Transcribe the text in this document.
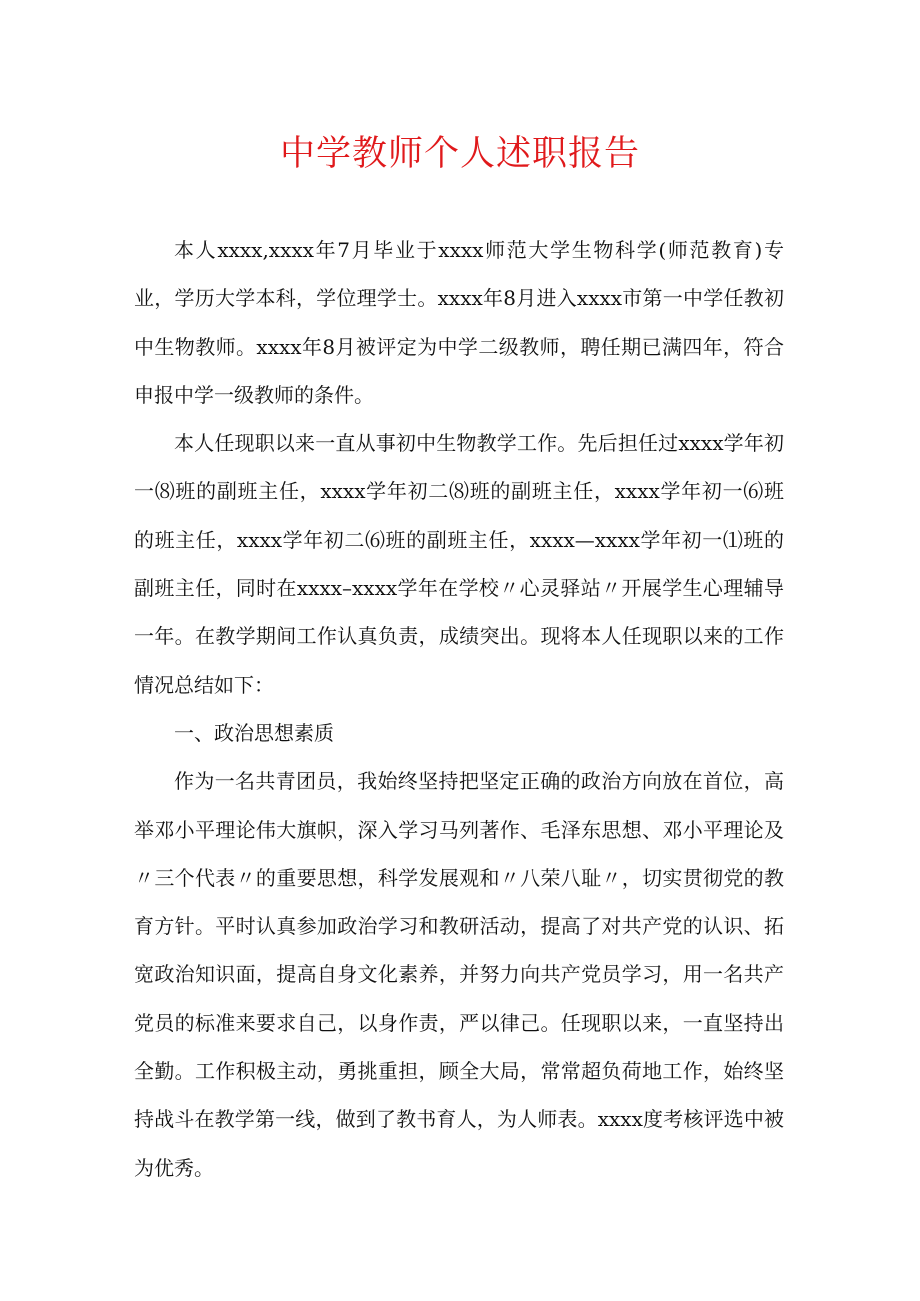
中学教师个人述职报告

本人xxxx,xxxx年7月毕业于xxxx师范大学生物科学(师范教育)专业，学历大学本科，学位理学士。xxxx年8月进入xxxx市第一中学任教初中生物教师。xxxx年8月被评定为中学二级教师，聘任期已满四年，符合申报中学一级教师的条件。

本人任现职以来一直从事初中生物教学工作。先后担任过xxxx学年初一⑻班的副班主任，xxxx学年初二⑻班的副班主任，xxxx学年初一⑹班的班主任，xxxx学年初二⑹班的副班主任，xxxx—xxxx学年初一⑴班的副班主任，同时在xxxx–xxxx学年在学校〃心灵驿站〃开展学生心理辅导一年。在教学期间工作认真负责，成绩突出。现将本人任现职以来的工作情况总结如下：

一、政治思想素质

作为一名共青团员，我始终坚持把坚定正确的政治方向放在首位，高举邓小平理论伟大旗帜，深入学习马列著作、毛泽东思想、邓小平理论及〃三个代表〃的重要思想，科学发展观和〃八荣八耻〃，切实贯彻党的教育方针。平时认真参加政治学习和教研活动，提高了对共产党的认识、拓宽政治知识面，提高自身文化素养，并努力向共产党员学习，用一名共产党员的标准来要求自己，以身作责，严以律己。任现职以来，一直坚持出全勤。工作积极主动，勇挑重担，顾全大局，常常超负荷地工作，始终坚持战斗在教学第一线，做到了教书育人，为人师表。xxxx度考核评选中被为优秀。
